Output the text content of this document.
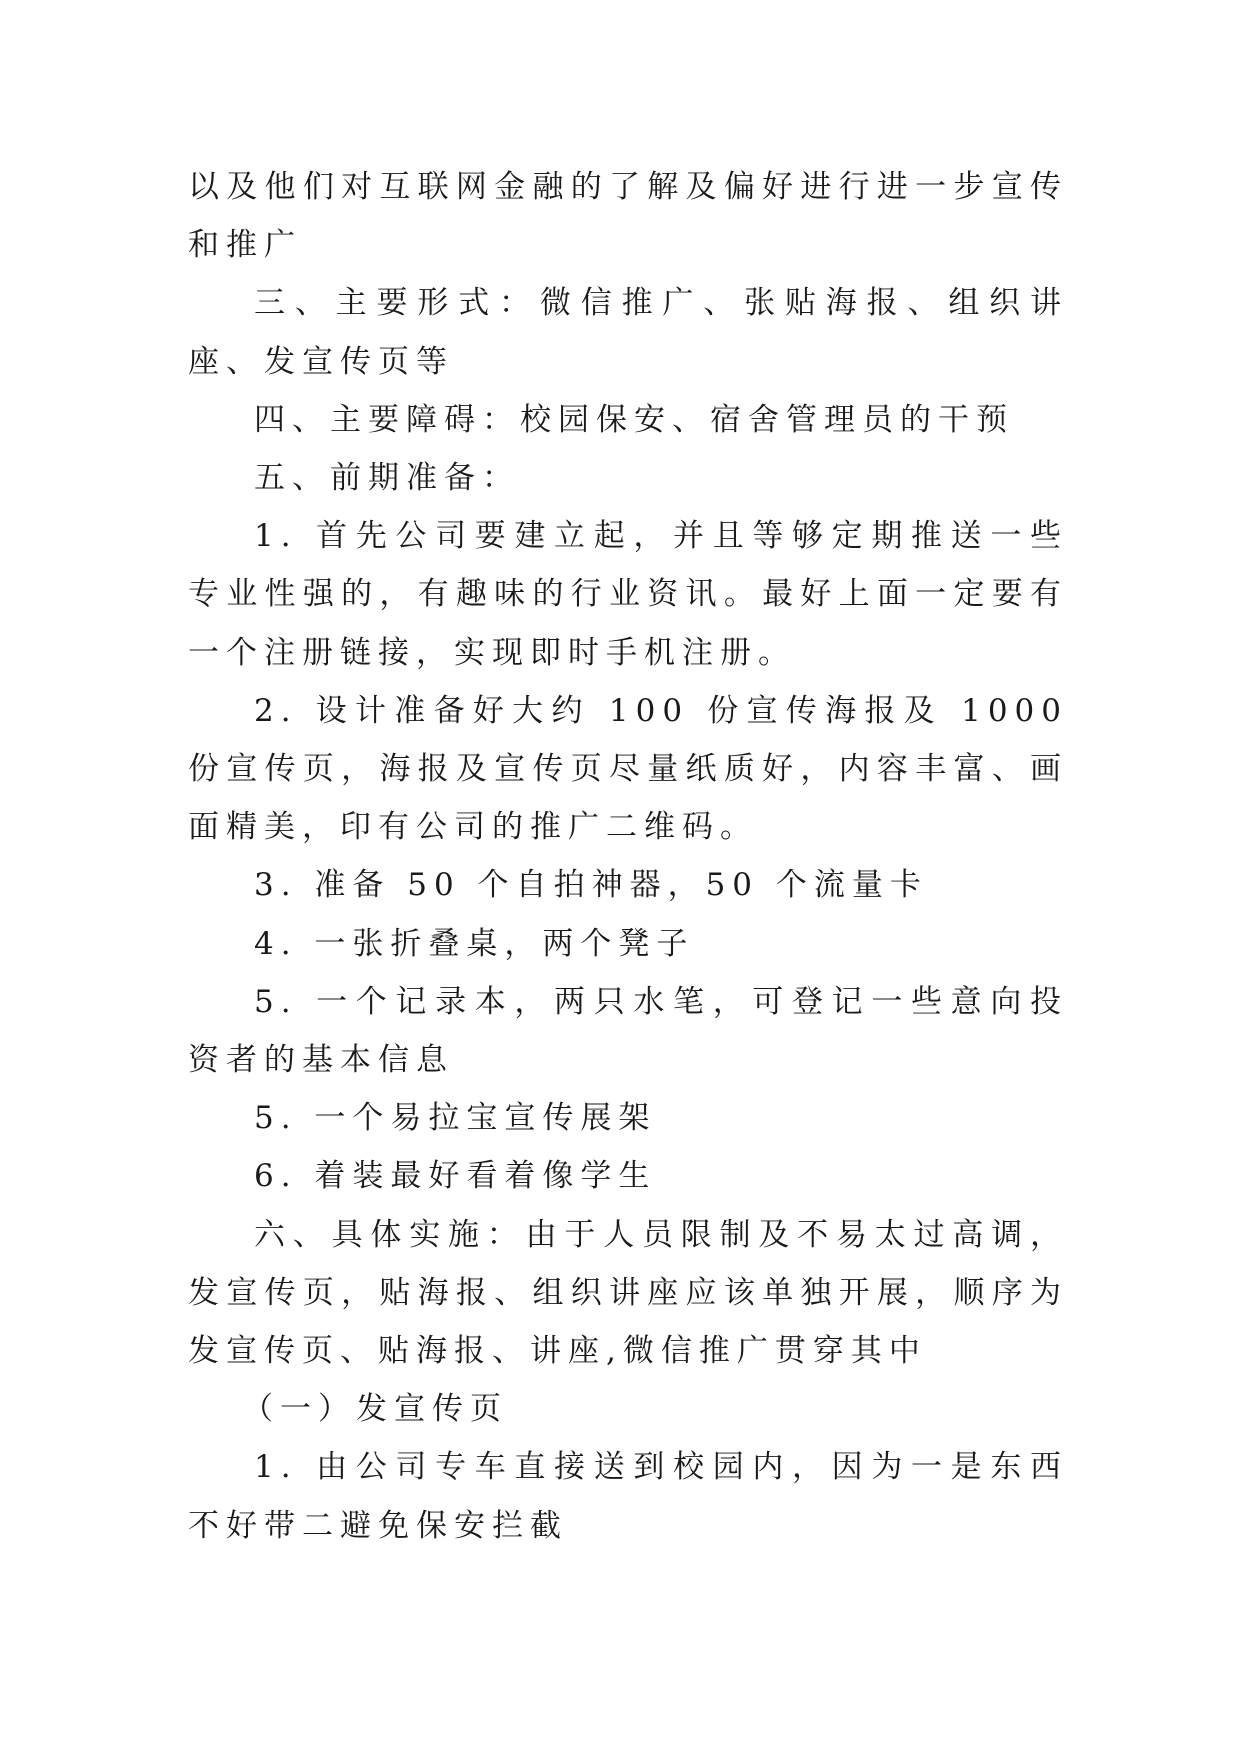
以及他们对互联网金融的了解及偏好进行进一步宣传和推广

三、主要形式：微信推广、张贴海报、组织讲座、发宣传页等

四、主要障碍：校园保安、宿舍管理员的干预

五、前期准备：

1. 首先公司要建立起，并且等够定期推送一些专业性强的，有趣味的行业资讯。最好上面一定要有一个注册链接，实现即时手机注册。

2. 设计准备好大约 100 份宣传海报及 1000 份宣传页，海报及宣传页尽量纸质好，内容丰富、画面精美，印有公司的推广二维码。

3. 准备 50 个自拍神器，50 个流量卡

4. 一张折叠桌，两个凳子

5. 一个记录本，两只水笔，可登记一些意向投资者的基本信息

5. 一个易拉宝宣传展架

6. 着装最好看着像学生

六、具体实施：由于人员限制及不易太过高调，发宣传页，贴海报、组织讲座应该单独开展，顺序为发宣传页、贴海报、讲座,微信推广贯穿其中

（一）发宣传页

1. 由公司专车直接送到校园内，因为一是东西不好带二避免保安拦截
